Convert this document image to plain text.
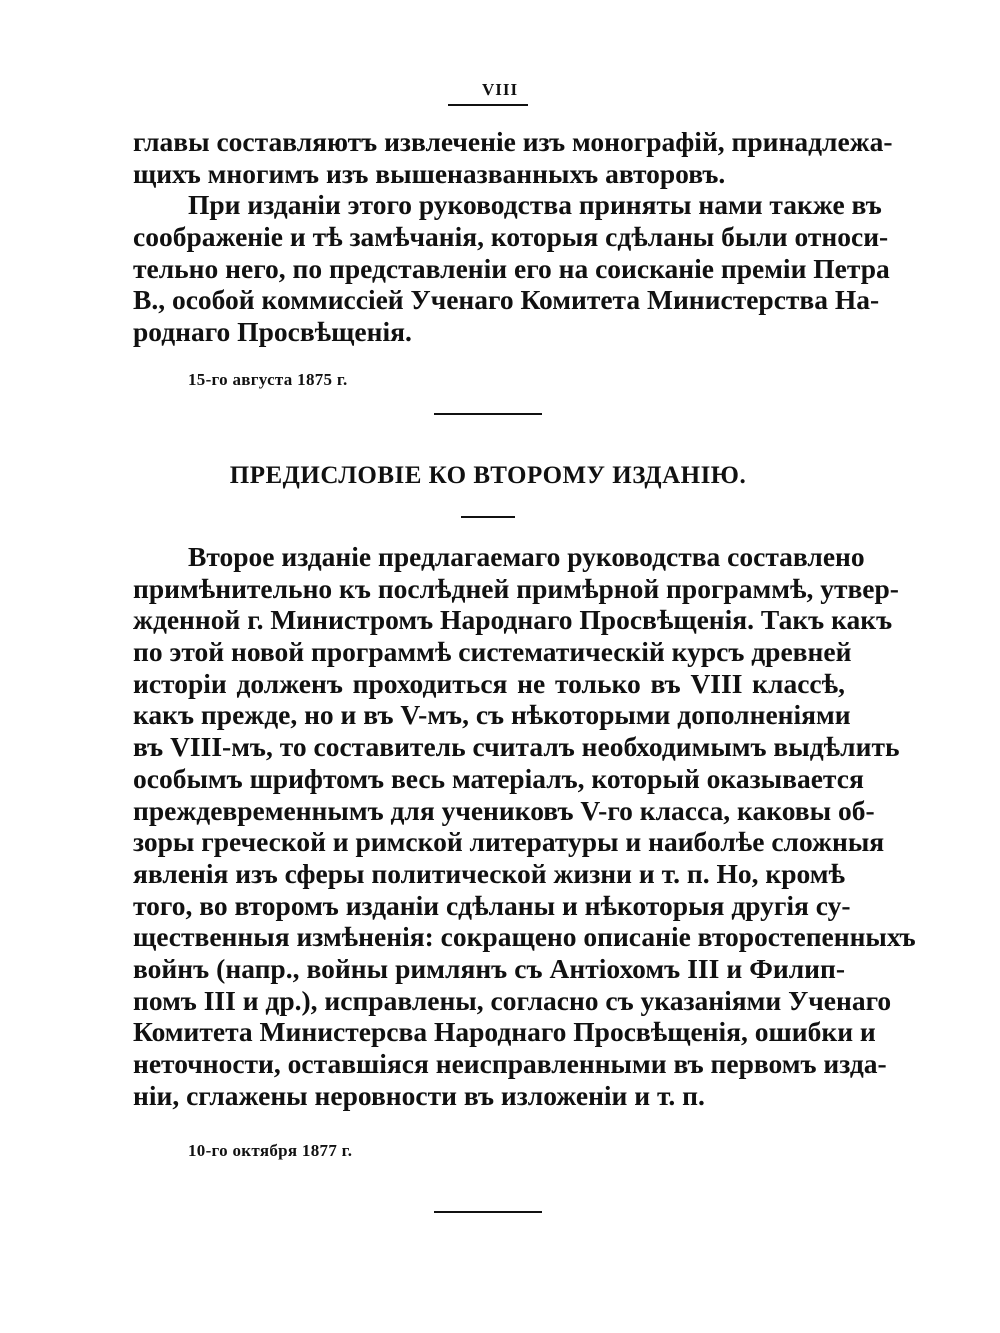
VIII
главы составляютъ извлеченіе изъ монографій, принадлежа-
щихъ многимъ изъ вышеназванныхъ авторовъ.
При изданіи этого руководства приняты нами также въ
соображеніе и тѣ замѣчанія, которыя сдѣланы были относи-
тельно него, по представленіи его на соисканіе преміи Петра
В., особой коммиссіей Ученаго Комитета Министерства На-
роднаго Просвѣщенія.
15-го августа 1875 г.
ПРЕДИСЛОВІЕ КО ВТОРОМУ ИЗДАНІЮ.
Второе изданіе предлагаемаго руководства составлено
примѣнительно къ послѣдней примѣрной программѣ, утвер-
жденной г. Министромъ Народнаго Просвѣщенія. Такъ какъ
по этой новой программѣ систематическій курсъ древней
исторіи долженъ проходиться не только въ VIII классѣ,
какъ прежде, но и въ V-мъ, съ нѣкоторыми дополненіями
въ VIII-мъ, то составитель считалъ необходимымъ выдѣлить
особымъ шрифтомъ весь матеріалъ, который оказывается
преждевременнымъ для учениковъ V-го класса, каковы об-
зоры греческой и римской литературы и наиболѣе сложныя
явленія изъ сферы политической жизни и т. п. Но, кромѣ
того, во второмъ изданіи сдѣланы и нѣкоторыя другія су-
щественныя измѣненія: сокращено описаніе второстепенныхъ
войнъ (напр., войны римлянъ съ Антіохомъ III и Филип-
помъ III и др.), исправлены, согласно съ указаніями Ученаго
Комитета Министерсва Народнаго Просвѣщенія, ошибки и
неточности, оставшіяся неисправленными въ первомъ изда-
ніи, сглажены неровности въ изложеніи и т. п.
10-го октября 1877 г.
